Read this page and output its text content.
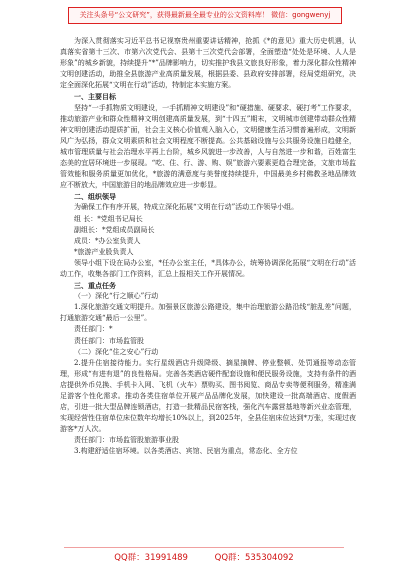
关注头条号“公文研究”，获得最新最全最专业的公文资料库！ 微信：gongwenyj

为深入贯彻落实习近平总书记视察贵州重要讲话精神，抢抓《*的意见》重大历史机遇，认真落实省第十三次、市第六次党代会、县第十三次党代会部署，全面塑造“处处是环境、人人是形象”的城乡新貌，持续提升“*”品牌影响力，切实推护我县文旅良好形象，着力深化群众性精神文明创建活动，助推全县旅游产业高质量发展，根据县委、县政府安排部署，经局党组研究，决定全面深化拓展“文明在行动”活动，特制定本实施方案。

一、主要目标

坚持“一手抓物质文明建设，一手抓精神文明建设”和“硬措施、硬要求、硬打考”工作要求，推动旅游产业和群众性精神文明创建高质量发展，到“十四五”期末，文明城市创建带动群众性精神文明创建活动提质扩面，社会主义核心价值观入脑入心，文明健康生活习惯普遍形成，文明新风广为弘扬，群众文明素质和社会文明程度不断提高。公共基础设施与公共服务设施日趋健全，城市管理质量与社会治理水平再上台阶，城乡风貌进一步改善，人与自然进一步和谐，百姓富生态美的宜居环境进一步展现。“吃、住、行、游、购、娱”旅游六要素更趋合理完备，文旅市场监管效能和服务质量更加优化，*旅游的满意度与美誉度持续提升，中国最美乡村佛教圣地品牌效应不断放大，中国旅游目的地品牌效应进一步彰显。

二、组织领导

为确保工作有序开展，特成立深化拓展“文明在行动”活动工作领导小组。

组 长：*党组书记局长

副组长：*党组成员副局长

成员：*办公室负责人

*旅游产业股负责人

领导小组下设在局办公室，*任办公室主任，*具体办公，统筹协调深化拓展“文明在行动”活动工作，收集各部门工作资料，汇总上报相关工作开展情况。

三、重点任务

（一）深化“行之顺心”行动

1.深化旅游交通文明提升。加强景区旅游公路建设，集中治理旅游公路沿线“脏乱差”问题，打通旅游交通“最后一公里”。

责任部门：*

责任部门：市场监管股

（二）深化“住之安心”行动

2.提升住宿接待能力。实行星级酒店升级降级、摘星摘牌、停业整顿、处罚通报等动态管理，形成“有进有退”的良性格局。完善各类酒店硬件配套设施和便民服务设施，支持有条件的酒店提供外币兑换、手机卡入网、飞机（火车）票购买、图书阅览、商品专卖等便利服务，精准满足游客个性化需求。推动各类住宿单位开展产品品牌化发展，加快建设一批高端酒店、度假酒店，引进一批大型品牌连锁酒店，打造一批精品民宿客栈，强化汽车露营基地等新兴业态管理，实现经营性住宿单位床位数年均增长10%以上，到2025年，全县住宿床位达到*万张，实现过夜游客*万人次。

责任部门：市场监管股旅游事业股

3.构建舒适住宿环境。以各类酒店、宾馆、民宿为重点，常态化、全方位

QQ群：31991489	QQ群：535304092
